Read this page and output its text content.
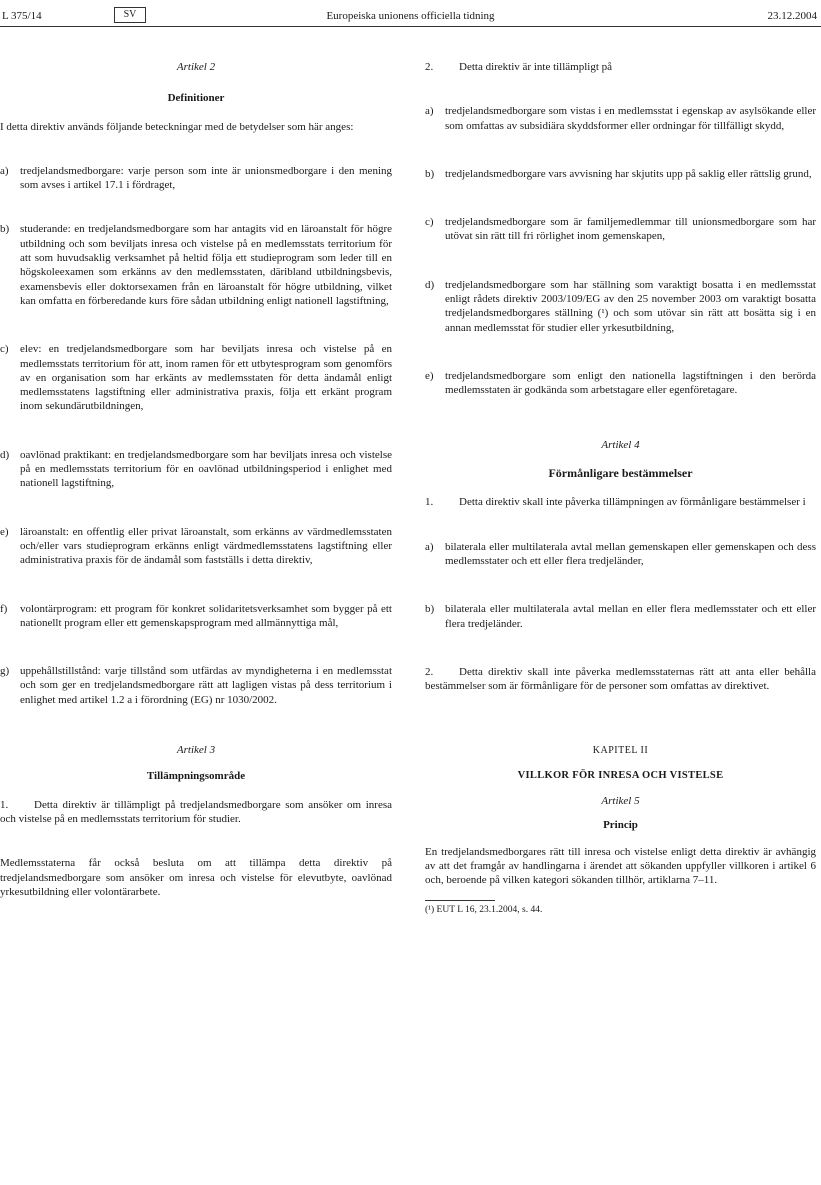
L 375/14	SV	Europeiska unionens officiella tidning	23.12.2004

Artikel 2

Definitioner

I detta direktiv används följande beteckningar med de betydelser som här anges:

a)	tredjelandsmedborgare: varje person som inte är unionsmedborgare i den mening som avses i artikel 17.1 i fördraget,
b) studerande: en tredjelandsmedborgare som har antagits vid en läroanstalt för högre utbildning och som beviljats inresa och vistelse på en medlemsstats territorium för att som huvudsaklig verksamhet på heltid följa ett studieprogram som leder till en högskoleexamen som erkänns av den medlemsstaten, däribland utbildningsbevis, examensbevis eller doktorsexamen från en läroanstalt för högre utbildning, vilket kan omfatta en förberedande kurs före sådan utbildning enligt nationell lagstiftning,
c)	elev: en tredjelandsmedborgare som har beviljats inresa och vistelse på en medlemsstats territorium för att, inom ramen för ett utbytesprogram som genomförs av en organisation som har erkänts av medlemsstaten för detta ändamål enligt medlemsstatens lagstiftning eller administrativa praxis, följa ett erkänt program inom sekundärutbildningen,
d) oavlönad praktikant: en tredjelandsmedborgare som har beviljats inresa och vistelse på en medlemsstats territorium för en oavlönad utbildningsperiod i enlighet med nationell lagstiftning,
e)	läroanstalt: en offentlig eller privat läroanstalt, som erkänns av värdmedlemsstaten och/eller vars studieprogram erkänns enligt värdmedlemsstatens lagstiftning eller administrativa praxis för de ändamål som fastställs i detta direktiv,
f)	volontärprogram: ett program för konkret solidaritetsverksamhet som bygger på ett nationellt program eller ett gemenskapsprogram med allmännyttiga mål,
g) uppehållstillstånd: varje tillstånd som utfärdas av myndigheterna i en medlemsstat och som ger en tredjelandsmedborgare rätt att lagligen vistas på dess territorium i enlighet med artikel 1.2 a i förordning (EG) nr 1030/2002.

Artikel 3

Tillämpningsområde

1. Detta direktiv är tillämpligt på tredjelandsmedborgare som ansöker om inresa och vistelse på en medlemsstats territorium för studier.

Medlemsstaterna får också besluta om att tillämpa detta direktiv på tredjelandsmedborgare som ansöker om inresa och vistelse för elevutbyte, oavlönad yrkesutbildning eller volontärarbete.

2. Detta direktiv är inte tillämpligt på

a)	tredjelandsmedborgare som vistas i en medlemsstat i egenskap av asylsökande eller som omfattas av subsidiära skyddsformer eller ordningar för tillfälligt skydd,
b) tredjelandsmedborgare vars avvisning har skjutits upp på saklig eller rättslig grund,
c)	tredjelandsmedborgare som är familjemedlemmar till unionsmedborgare som har utövat sin rätt till fri rörlighet inom gemenskapen,
d) tredjelandsmedborgare som har ställning som varaktigt bosatta i en medlemsstat enligt rådets direktiv 2003/109/EG av den 25 november 2003 om varaktigt bosatta tredjelandsmedborgares ställning (¹) och som utövar sin rätt att bosätta sig i en annan medlemsstat för studier eller yrkesutbildning,
e)	tredjelandsmedborgare som enligt den nationella lagstiftningen i den berörda medlemsstaten är godkända som arbetstagare eller egenföretagare.

Artikel 4

Förmånligare bestämmelser

1. Detta direktiv skall inte påverka tillämpningen av förmånligare bestämmelser i

a)	bilaterala eller multilaterala avtal mellan gemenskapen eller gemenskapen och dess medlemsstater och ett eller flera tredjeländer,
b) bilaterala eller multilaterala avtal mellan en eller flera medlemsstater och ett eller flera tredjeländer.

2. Detta direktiv skall inte påverka medlemsstaternas rätt att anta eller behålla bestämmelser som är förmånligare för de personer som omfattas av direktivet.

KAPITEL II

VILLKOR FÖR INRESA OCH VISTELSE

Artikel 5

Princip

En tredjelandsmedborgares rätt till inresa och vistelse enligt detta direktiv är avhängig av att det framgår av handlingarna i ärendet att sökanden uppfyller villkoren i artikel 6 och, beroende på vilken kategori sökanden tillhör, artiklarna 7–11.

(¹) EUT L 16, 23.1.2004, s. 44.
